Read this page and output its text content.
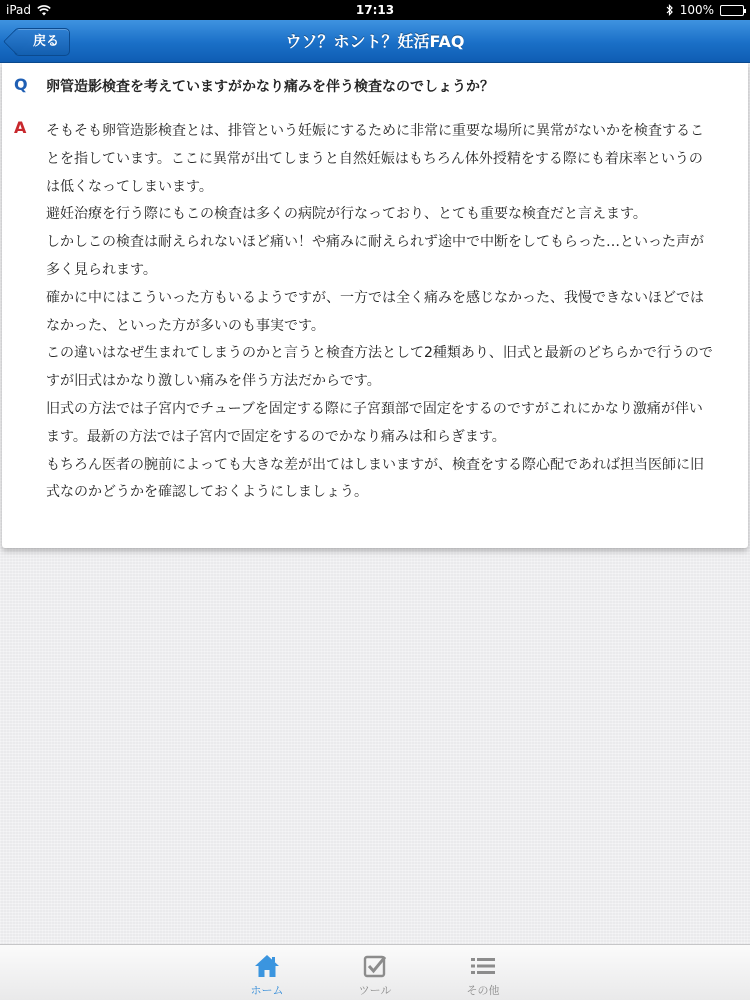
iPad	17:13	100%
ウソ？ホント？妊活FAQ
戻る
Q 卵管造影検査を考えていますがかなり痛みを伴う検査なのでしょうか？
A そもそも卵管造影検査とは、排管という妊娠にするために非常に重要な場所に異常がないかを検査することを指しています。ここに異常が出てしまうと自然妊娠はもちろん体外授精をする際にも着床率というのは低くなってしまいます。

避妊治療を行う際にもこの検査は多くの病院が行なっており、とても重要な検査だと言えます。

しかしこの検査は耐えられないほど痛い！や痛みに耐えられず途中で中断をしてもらった…といった声が多く見られます。

確かに中にはこういった方もいるようですが、一方では全く痛みを感じなかった、我慢できないほどではなかった、といった方が多いのも事実です。

この違いはなぜ生まれてしまうのかと言うと検査方法として2種類あり、旧式と最新のどちらかで行うのですが旧式はかなり激しい痛みを伴う方法だからです。

旧式の方法では子宮内でチューブを固定する際に子宮頚部で固定をするのですがこれにかなり激痛が伴います。最新の方法では子宮内で固定をするのでかなり痛みは和らぎます。

もちろん医者の腕前によっても大きな差が出てはしまいますが、検査をする際心配であれば担当医師に旧式なのかどうかを確認しておくようにしましょう。

ホーム	ツール	その他
